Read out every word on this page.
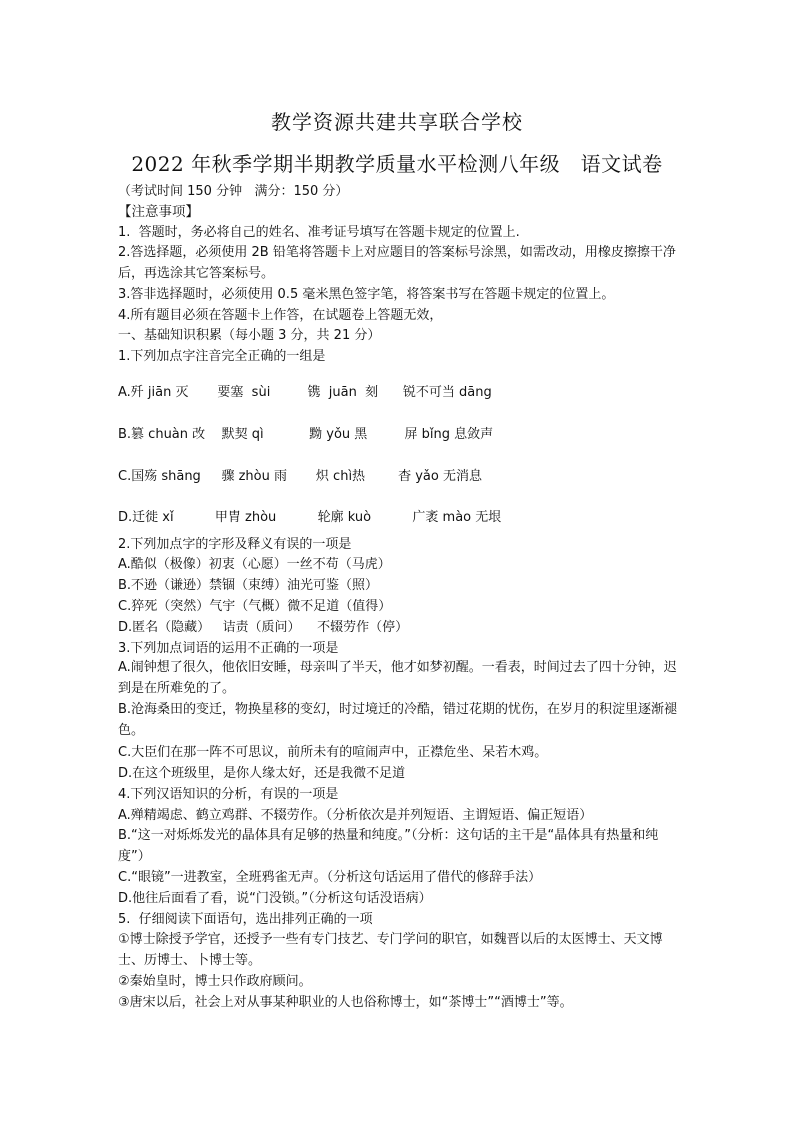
教学资源共建共享联合学校
2022 年秋季学期半期教学质量水平检测八年级   语文试卷
（考试时间 150 分钟   满分：150 分）
【注意事项】
1.  答题时，务必将自己的姓名、准考证号填写在答题卡规定的位置上.
2.答选择题，必须使用 2B 铅笔将答题卡上对应题目的答案标号涂黑，如需改动，用橡皮擦擦干净后，再选涂其它答案标号。
3.答非选择题时，必须使用 0.5 毫米黑色签字笔，将答案书写在答题卡规定的位置上。
4.所有题目必须在答题卡上作答，在试题卷上答题无效，
一、基础知识积累（每小题 3 分，共 21 分）
1.下列加点字注音完全正确的一组是
A.歼 jiān 灭       要塞  sùi         镌  juān  刻      锐不可当 dāng
B.篡 chuàn 改    默契 qì           黝 yǒu 黑         屏 bǐng 息敛声
C.国殇 shāng     骤 zhòu 雨       炽 chì热        杳 yǎo 无消息
D.迁徙 xǐ          甲胄 zhòu          轮廓 kuò          广袤 mào 无垠
2.下列加点字的字形及释义有误的一项是
A.酷似（极像）初衷（心愿）一丝不苟（马虎）
B.不逊（谦逊）禁锢（束缚）油光可鉴（照）
C.猝死（突然）气宇（气概）微不足道（值得）
D.匿名（隐藏）   诘责（质问）    不辍劳作（停）
3.下列加点词语的运用不正确的一项是
A.闹钟想了很久，他依旧安睡，母亲叫了半天，他才如梦初醒。一看表，时间过去了四十分钟，迟到是在所难免的了。
B.沧海桑田的变迁，物换星移的变幻，时过境迁的冷酷，错过花期的忧伤，在岁月的积淀里逐渐褪色。
C.大臣们在那一阵不可思议，前所未有的喧闹声中，正襟危坐、呆若木鸡。
D.在这个班级里，是你人缘太好，还是我微不足道
4.下列汉语知识的分析，有误的一项是
A.殚精竭虑、鹤立鸡群、不辍劳作。（分析依次是并列短语、主谓短语、偏正短语）
B.“这一对烁烁发光的晶体具有足够的热量和纯度。”（分析：这句话的主干是“晶体具有热量和纯度”）
C.“眼镜”一进教室，全班鸦雀无声。（分析这句话运用了借代的修辞手法）
D.他往后面看了看，说“门没锁。”（分析这句话没语病）
5.  仔细阅读下面语句，选出排列正确的一项
①博士除授予学官，还授予一些有专门技艺、专门学问的职官，如魏晋以后的太医博士、天文博士、历博士、卜博士等。
②秦始皇时，博士只作政府顾问。
③唐宋以后，社会上对从事某种职业的人也俗称博士，如“茶博士”“酒博士”等。
